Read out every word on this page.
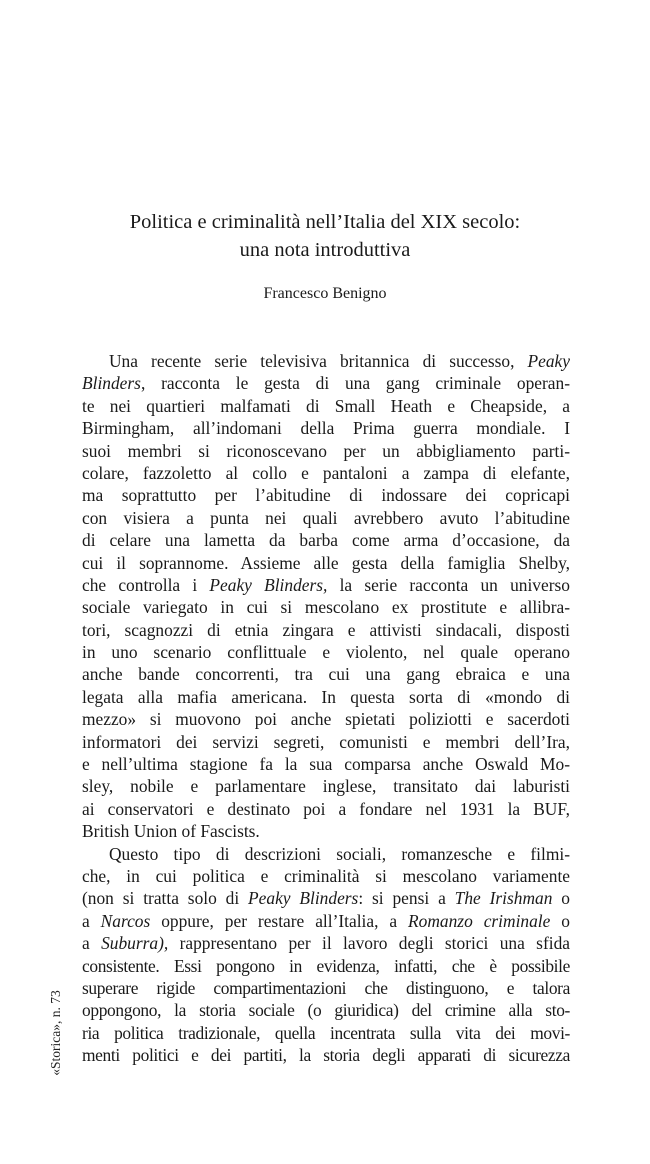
Politica e criminalità nell’Italia del XIX secolo:
una nota introduttiva
Francesco Benigno
Una recente serie televisiva britannica di successo, Peaky
Blinders, racconta le gesta di una gang criminale operan-
te nei quartieri malfamati di Small Heath e Cheapside, a
Birmingham, all’indomani della Prima guerra mondiale. I
suoi membri si riconoscevano per un abbigliamento parti-
colare, fazzoletto al collo e pantaloni a zampa di elefante,
ma soprattutto per l’abitudine di indossare dei copricapi
con visiera a punta nei quali avrebbero avuto l’abitudine
di celare una lametta da barba come arma d’occasione, da
cui il soprannome. Assieme alle gesta della famiglia Shelby,
che controlla i Peaky Blinders, la serie racconta un universo
sociale variegato in cui si mescolano ex prostitute e allibra-
tori, scagnozzi di etnia zingara e attivisti sindacali, disposti
in uno scenario conflittuale e violento, nel quale operano
anche bande concorrenti, tra cui una gang ebraica e una
legata alla mafia americana. In questa sorta di «mondo di
mezzo» si muovono poi anche spietati poliziotti e sacerdoti
informatori dei servizi segreti, comunisti e membri dell’Ira,
e nell’ultima stagione fa la sua comparsa anche Oswald Mo-
sley, nobile e parlamentare inglese, transitato dai laburisti
ai conservatori e destinato poi a fondare nel 1931 la BUF,
British Union of Fascists.
Questo tipo di descrizioni sociali, romanzesche e filmi-
che, in cui politica e criminalità si mescolano variamente
(non si tratta solo di Peaky Blinders: si pensi a The Irishman o
a Narcos oppure, per restare all’Italia, a Romanzo criminale o
a Suburra), rappresentano per il lavoro degli storici una sfida
consistente. Essi pongono in evidenza, infatti, che è possibile
superare rigide compartimentazioni che distinguono, e talora
oppongono, la storia sociale (o giuridica) del crimine alla sto-
ria politica tradizionale, quella incentrata sulla vita dei movi-
menti politici e dei partiti, la storia degli apparati di sicurezza
«Storica», n. 73
